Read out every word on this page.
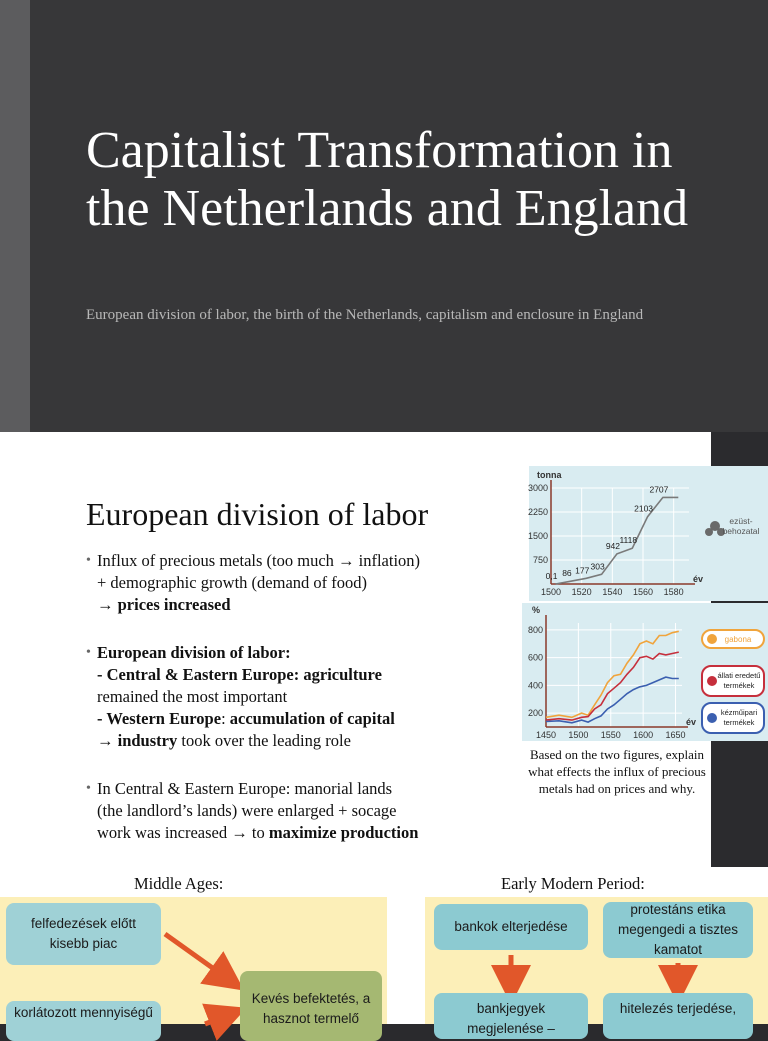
Capitalist Transformation in the Netherlands and England

European division of labor, the birth of the Netherlands, capitalism and enclosure in England

European division of labor
• Influx of precious metals (too much → inflation)
+ demographic growth (demand of food)
→ prices increased
• European division of labor:
- Central & Eastern Europe: agriculture
remained the most important
- Western Europe: accumulation of capital
→ industry took over the leading role
• In Central & Eastern Europe: manorial lands
(the landlord’s lands) were enlarged + socage
work was increased → to maximize production
750
1500
2250
3000
1500 1520 1540 1560 1580
tonna
év
0,1 86 177 303
942
1118
2103
2707
ezüst-
behozatal
200
400
600
800
1450 1500 1550 1600 1650
%
év
gabona
állati eredetű
termékek
kézműipari
termékek
Based on the two figures, explain what effects the influx of precious metals had on prices and why.
Middle Ages:	Early Modern Period:
felfedezések előtt kisebb piac
korlátozott mennyiségű
Kevés befektetés, a hasznot termelő
bankok elterjedése
protestáns etika megengedi a tisztes kamatot
bankjegyek megjelenése –
hitelezés terjedése,
